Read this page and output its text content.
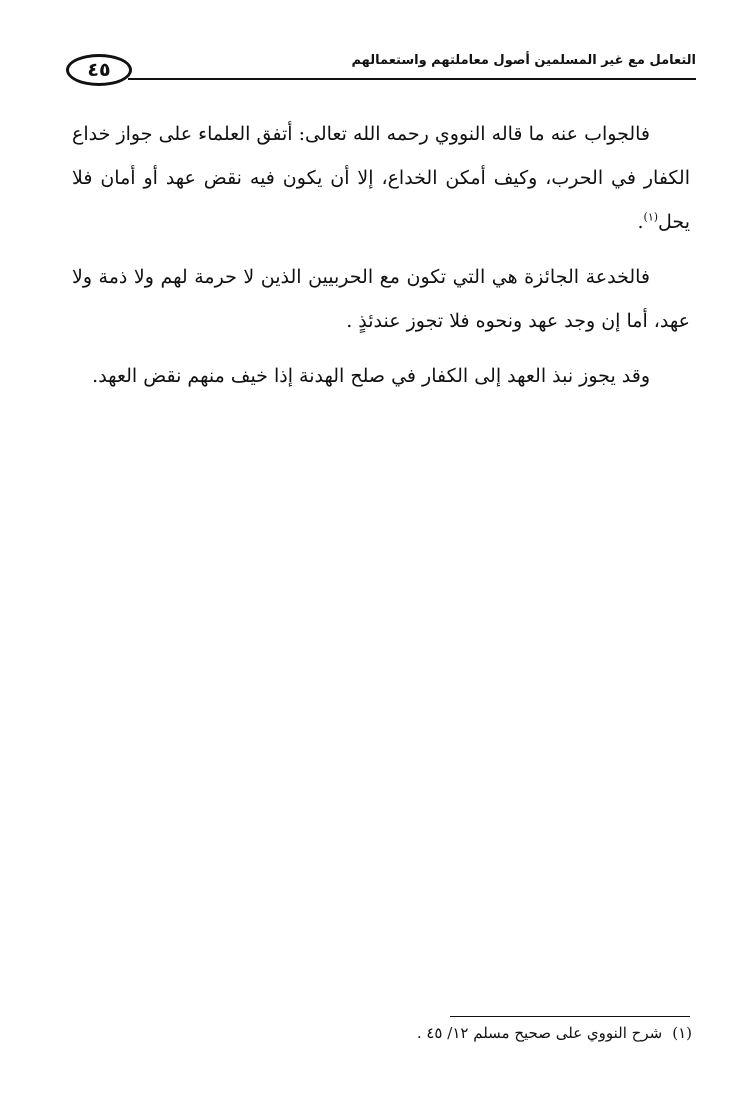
التعامل مع غير المسلمين أصول معاملتهم واستعمالهم
٤٥

فالجواب عنه ما قاله النووي رحمه الله تعالى: أتفق العلماء على جواز خداع الكفار في الحرب، وكيف أمكن الخداع، إلا أن يكون فيه نقض عهد أو أمان فلا يحل$^{(١)}$.

فالخدعة الجائزة هي التي تكون مع الحربيين الذين لا حرمة لهم ولا ذمة ولا عهد، أما إن وجد عهد ونحوه فلا تجوز عندئذٍ .

وقد يجوز نبذ العهد إلى الكفار في صلح الهدنة إذا خيف منهم نقض العهد.

(١)شرح النووي على صحيح مسلم ١٢/ ٤٥ .
